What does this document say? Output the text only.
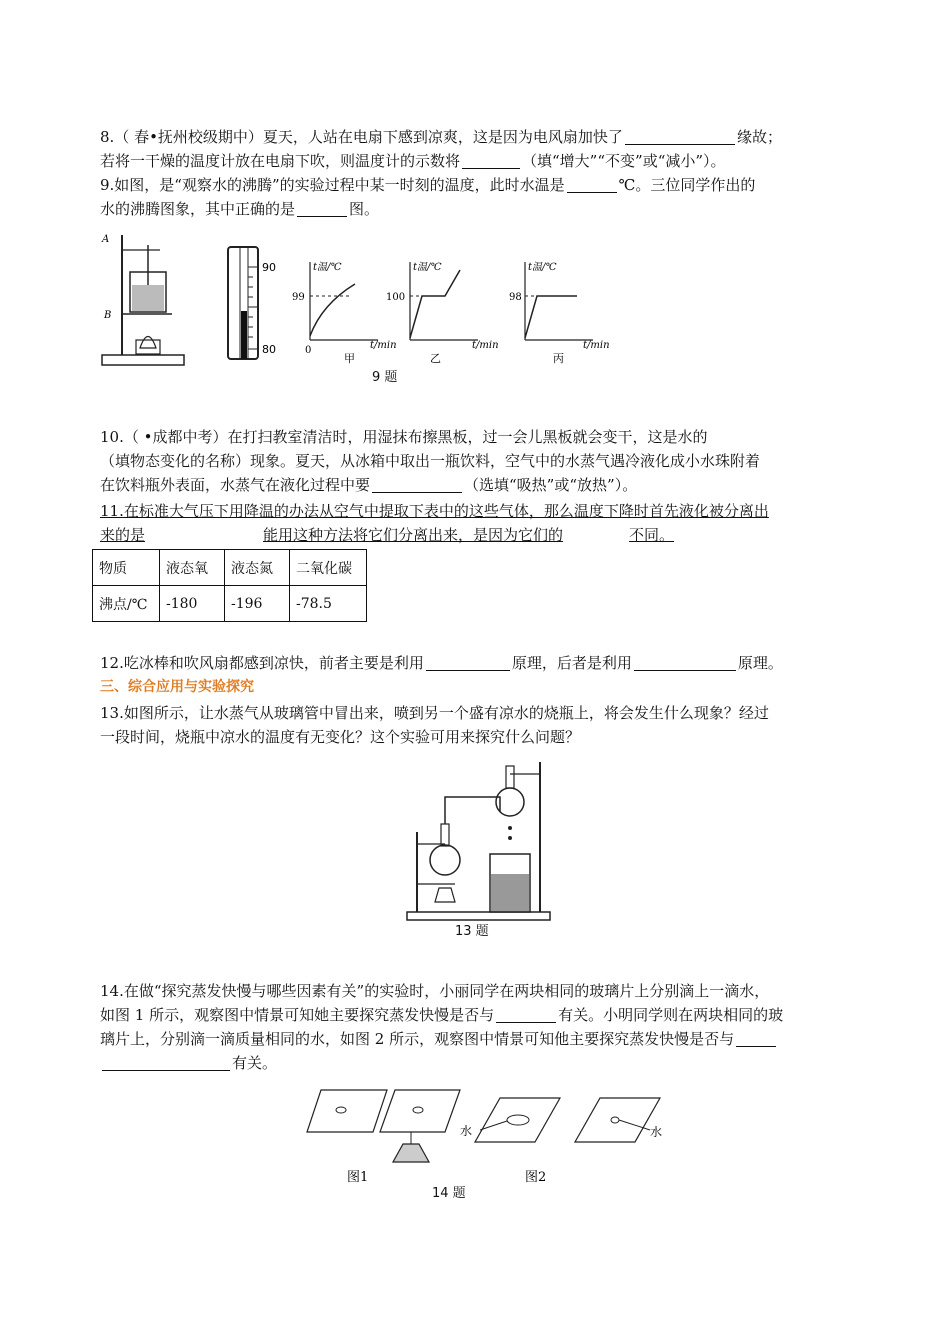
8.（ 春•抚州校级期中）夏天，人站在电扇下感到凉爽，这是因为电风扇加快了	缘故；
若将一干燥的温度计放在电扇下吹，则温度计的示数将	（填“增大”“不变”或“减小”）。
9.如图，是“观察水的沸腾”的实验过程中某一时刻的温度，此时水温是	℃。三位同学作出的
水的沸腾图象，其中正确的是	图。
A
B
90
80
t温/℃
99
0	t/min
甲
t温/℃
100
t/min
乙
t温/℃
98
t/min
丙
9 题
10.（ •成都中考）在打扫教室清洁时，用湿抹布擦黑板，过一会儿黑板就会变干，这是水的
（填物态变化的名称）现象。夏天，从冰箱中取出一瓶饮料，空气中的水蒸气遇冷液化成小水珠附着
在饮料瓶外表面，水蒸气在液化过程中要	（选填“吸热”或“放热”）。
11.在标准大气压下用降温的办法从空气中提取下表中的这些气体，那么温度下降时首先液化被分离出
来的是	能用这种方法将它们分离出来，是因为它们的	不同。
物质	液态氧	液态氮	二氧化碳
沸点/℃	-180	-196	-78.5
12.吃冰棒和吹风扇都感到凉快，前者主要是利用	原理，后者是利用	原理。
三、综合应用与实验探究
13.如图所示，让水蒸气从玻璃管中冒出来，喷到另一个盛有凉水的烧瓶上，将会发生什么现象？经过
一段时间，烧瓶中凉水的温度有无变化？这个实验可用来探究什么问题？
13 题
14.在做“探究蒸发快慢与哪些因素有关”的实验时，小丽同学在两块相同的玻璃片上分别滴上一滴水，
如图 1 所示，观察图中情景可知她主要探究蒸发快慢是否与	有关。小明同学则在两块相同的玻
璃片上，分别滴一滴质量相同的水，如图 2 所示，观察图中情景可知他主要探究蒸发快慢是否与
有关。
水	水
图1	图2
14 题
